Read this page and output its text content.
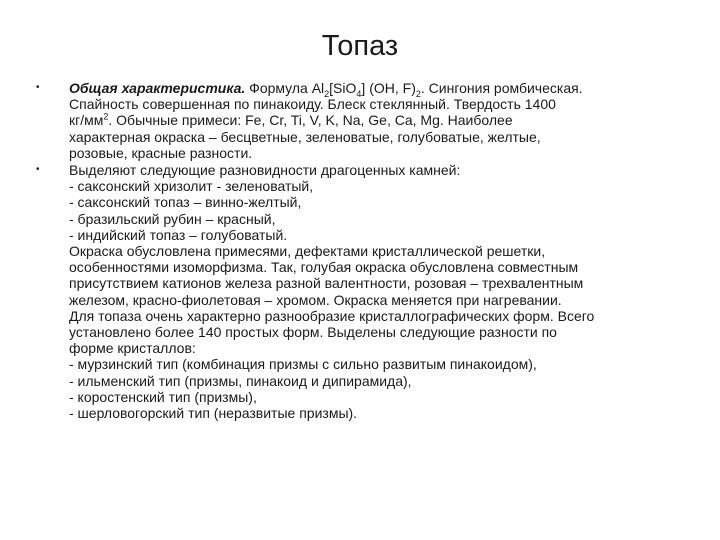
Топаз
• Общая характеристика. Формула $Al_2[SiO_4]$ (OH, $F)_2$. Сингония ромбическая.
Спайность совершенная по пинакоиду. Блеск стеклянный. Твердость 1400
$кг/мм^2$. Обычные примеси: Fe, Cr, Ti, V, K, Na, Ge, Ca, Mg. Наиболее
характерная окраска – бесцветные, зеленоватые, голубоватые, желтые,
розовые, красные разности.
• Выделяют следующие разновидности драгоценных камней:
- саксонский хризолит - зеленоватый,
- саксонский топаз – винно-желтый,
- бразильский рубин – красный,
- индийский топаз – голубоватый.
Окраска обусловлена примесями, дефектами кристаллической решетки,
особенностями изоморфизма. Так, голубая окраска обусловлена совместным
присутствием катионов железа разной валентности, розовая – трехвалентным
железом, красно-фиолетовая – хромом. Окраска меняется при нагревании.
Для топаза очень характерно разнообразие кристаллографических форм. Всего
установлено более 140 простых форм. Выделены следующие разности по
форме кристаллов:
- мурзинский тип (комбинация призмы с сильно развитым пинакоидом),
- ильменский тип (призмы, пинакоид и дипирамида),
- коростенский тип (призмы),
- шерловогорский тип (неразвитые призмы).
